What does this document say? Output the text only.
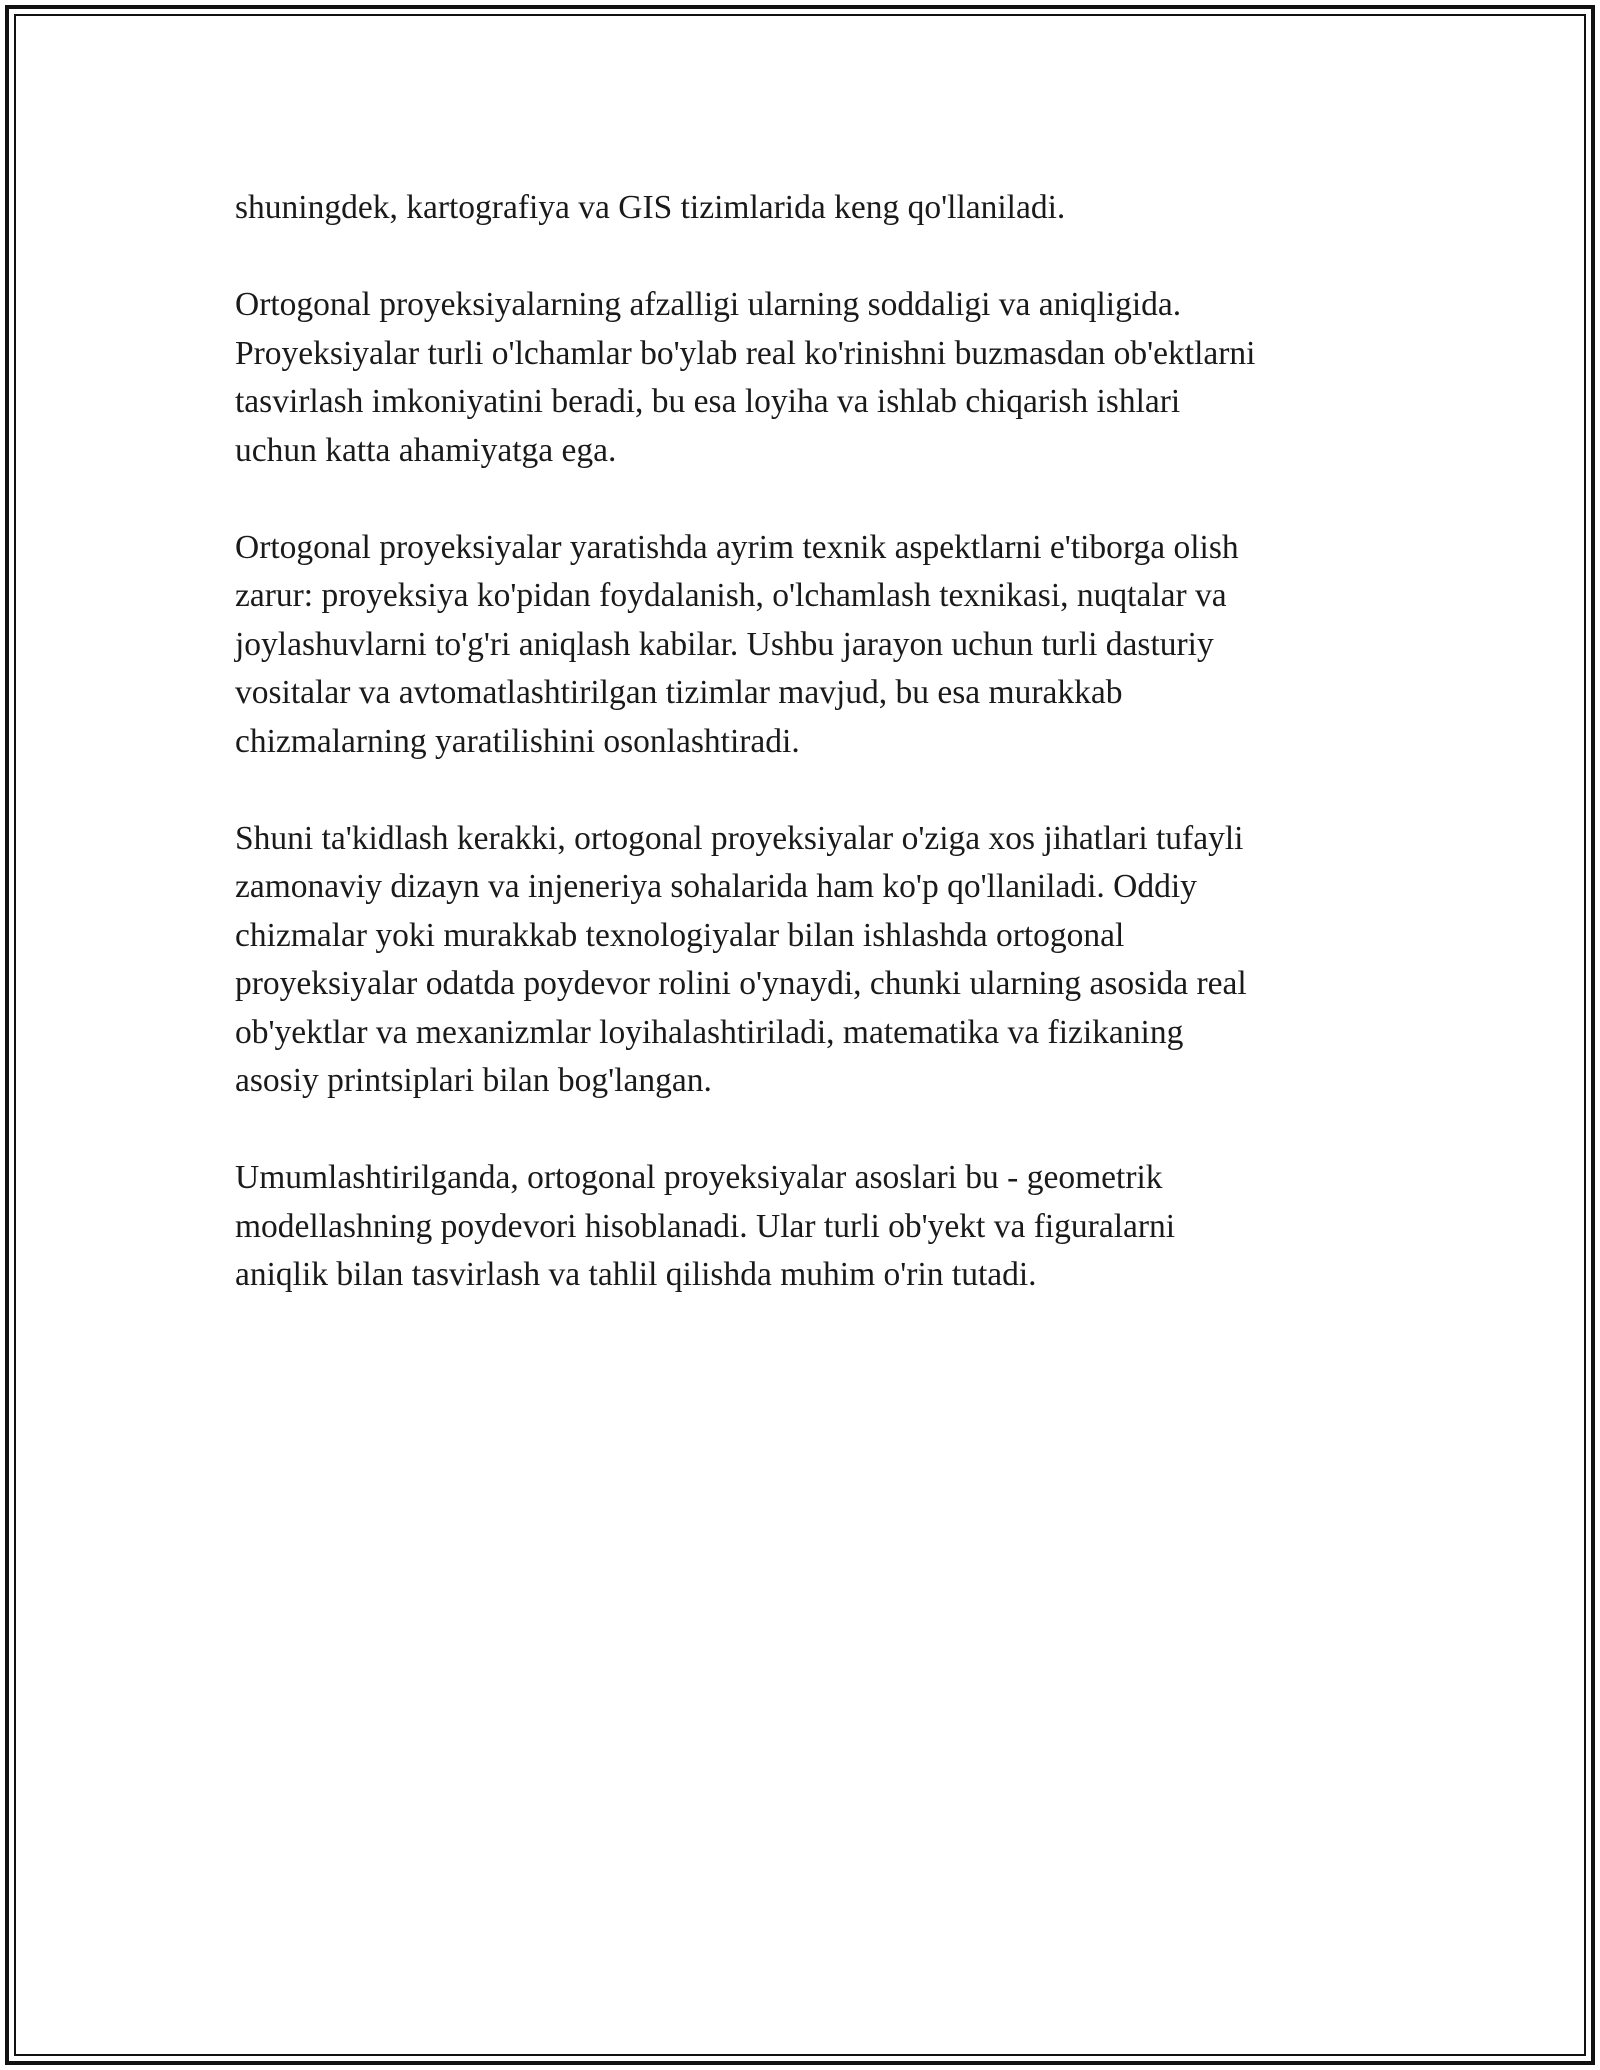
shuningdek, kartografiya va GIS tizimlarida keng qo'llaniladi.

Ortogonal proyeksiyalarning afzalligi ularning soddaligi va aniqligida.
Proyeksiyalar turli o'lchamlar bo'ylab real ko'rinishni buzmasdan ob'ektlarni
tasvirlash imkoniyatini beradi, bu esa loyiha va ishlab chiqarish ishlari
uchun katta ahamiyatga ega.

Ortogonal proyeksiyalar yaratishda ayrim texnik aspektlarni e'tiborga olish
zarur: proyeksiya ko'pidan foydalanish, o'lchamlash texnikasi, nuqtalar va
joylashuvlarni to'g'ri aniqlash kabilar. Ushbu jarayon uchun turli dasturiy
vositalar va avtomatlashtirilgan tizimlar mavjud, bu esa murakkab
chizmalarning yaratilishini osonlashtiradi.

Shuni ta'kidlash kerakki, ortogonal proyeksiyalar o'ziga xos jihatlari tufayli
zamonaviy dizayn va injeneriya sohalarida ham ko'p qo'llaniladi. Oddiy
chizmalar yoki murakkab texnologiyalar bilan ishlashda ortogonal
proyeksiyalar odatda poydevor rolini o'ynaydi, chunki ularning asosida real
ob'yektlar va mexanizmlar loyihalashtiriladi, matematika va fizikaning
asosiy printsiplari bilan bog'langan.

Umumlashtirilganda, ortogonal proyeksiyalar asoslari bu - geometrik
modellashning poydevori hisoblanadi. Ular turli ob'yekt va figuralarni
aniqlik bilan tasvirlash va tahlil qilishda muhim o'rin tutadi.
